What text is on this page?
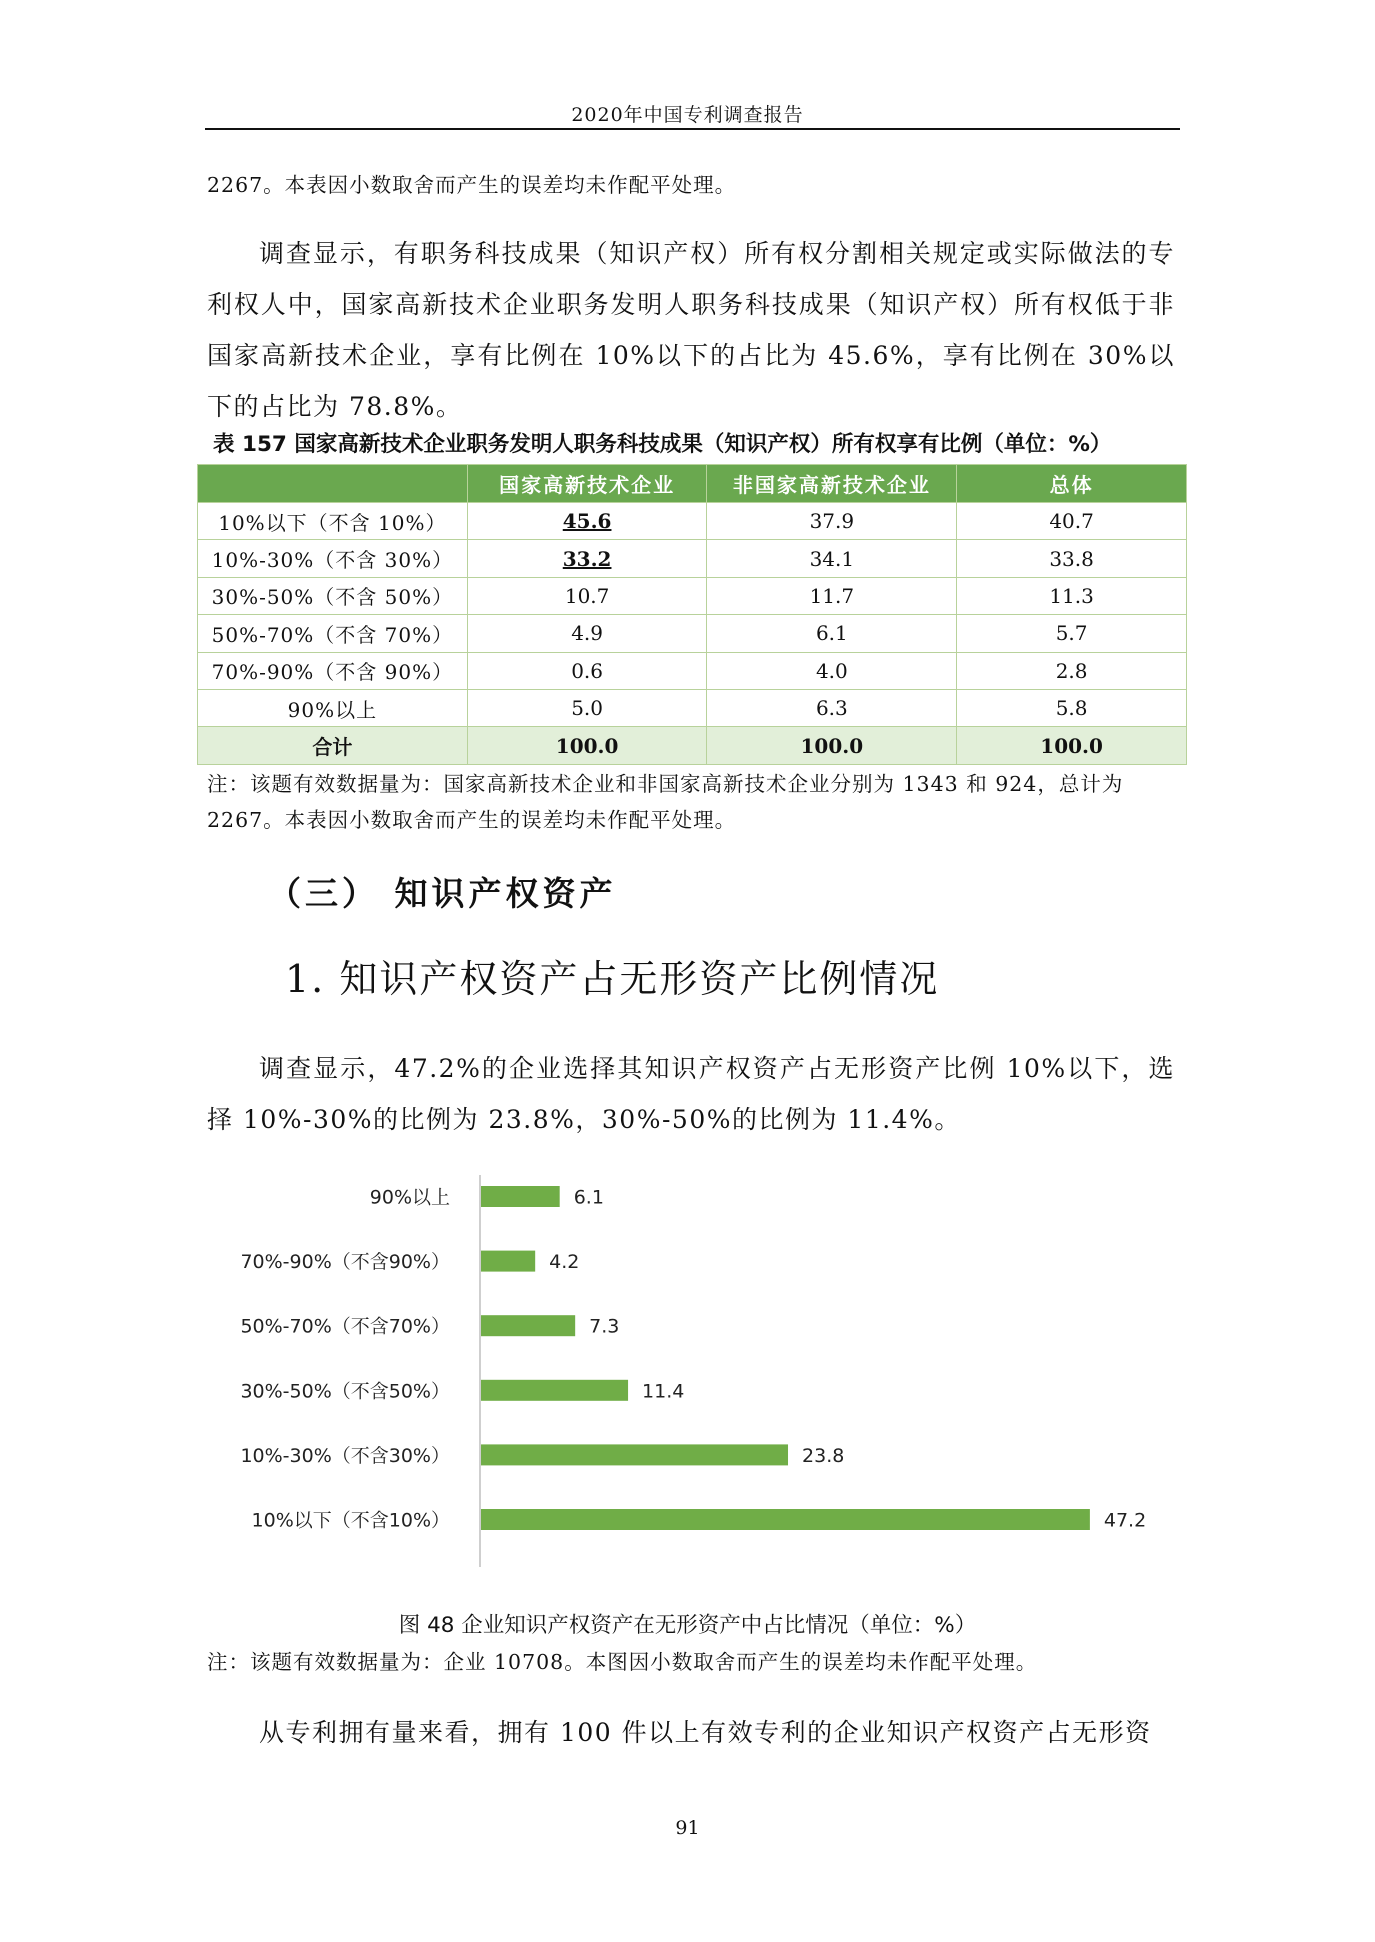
2020年中国专利调查报告
2267。本表因小数取舍而产生的误差均未作配平处理。
调查显示，有职务科技成果（知识产权）所有权分割相关规定或实际做法的专利权人中，国家高新技术企业职务发明人职务科技成果（知识产权）所有权低于非国家高新技术企业，享有比例在 10%以下的占比为 45.6%，享有比例在 30%以下的占比为 78.8%。
表 157 国家高新技术企业职务发明人职务科技成果（知识产权）所有权享有比例（单位：%）
	国家高新技术企业	非国家高新技术企业	总体
10%以下（不含 10%）	45.6	37.9	40.7
10%-30%（不含 30%）	33.2	34.1	33.8
30%-50%（不含 50%）	10.7	11.7	11.3
50%-70%（不含 70%）	4.9	6.1	5.7
70%-90%（不含 90%）	0.6	4.0	2.8
90%以上	5.0	6.3	5.8
合计	100.0	100.0	100.0
注：该题有效数据量为：国家高新技术企业和非国家高新技术企业分别为 1343 和 924，总计为 2267。本表因小数取舍而产生的误差均未作配平处理。
（三） 知识产权资产
1. 知识产权资产占无形资产比例情况
调查显示，47.2%的企业选择其知识产权资产占无形资产比例 10%以下，选择 10%-30%的比例为 23.8%，30%-50%的比例为 11.4%。
90%以上	6.1
70%-90%（不含90%）	4.2
50%-70%（不含70%）	7.3
30%-50%（不含50%）	11.4
10%-30%（不含30%）	23.8
10%以下（不含10%）	47.2
图 48 企业知识产权资产在无形资产中占比情况（单位：%）
注：该题有效数据量为：企业 10708。本图因小数取舍而产生的误差均未作配平处理。
从专利拥有量来看，拥有 100 件以上有效专利的企业知识产权资产占无形资
91
